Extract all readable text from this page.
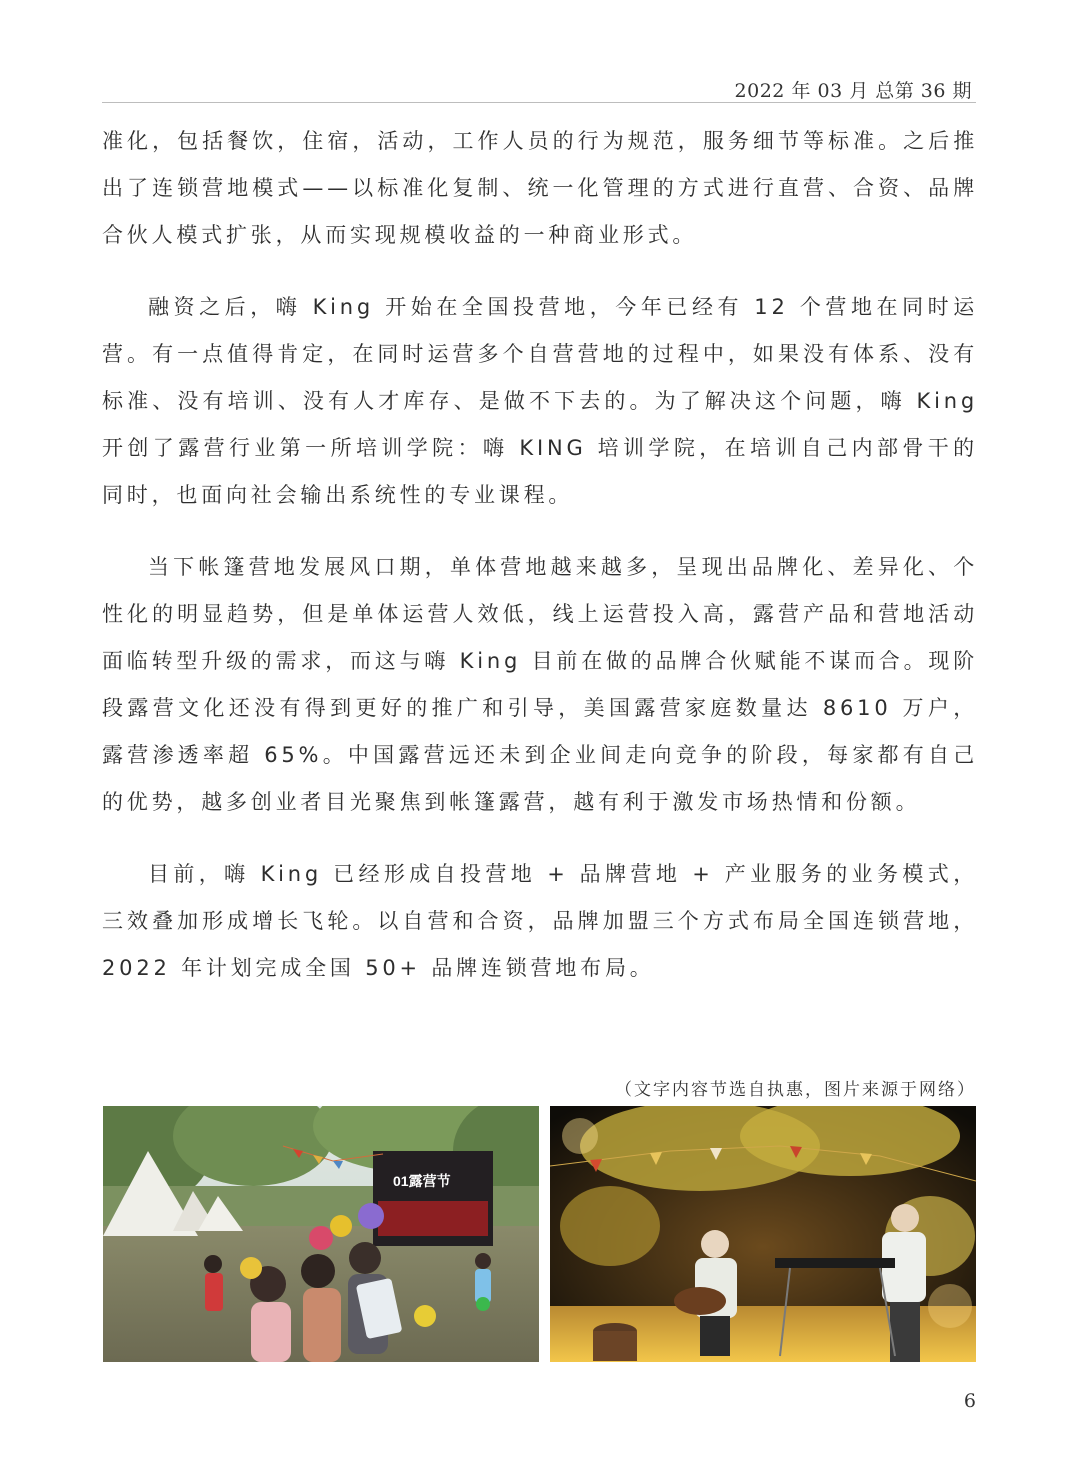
2022 年 03 月 总第 36 期

准化，包括餐饮，住宿，活动，工作人员的行为规范，服务细节等标准。之后推出了连锁营地模式——以标准化复制、统一化管理的方式进行直营、合资、品牌合伙人模式扩张，从而实现规模收益的一种商业形式。

融资之后，嗨 King 开始在全国投营地，今年已经有 12 个营地在同时运营。有一点值得肯定，在同时运营多个自营营地的过程中，如果没有体系、没有标准、没有培训、没有人才库存、是做不下去的。为了解决这个问题，嗨 King 开创了露营行业第一所培训学院：嗨 KING 培训学院，在培训自己内部骨干的同时，也面向社会输出系统性的专业课程。

当下帐篷营地发展风口期，单体营地越来越多，呈现出品牌化、差异化、个性化的明显趋势，但是单体运营人效低，线上运营投入高，露营产品和营地活动面临转型升级的需求，而这与嗨 King 目前在做的品牌合伙赋能不谋而合。现阶段露营文化还没有得到更好的推广和引导，美国露营家庭数量达 8610 万户，露营渗透率超 65%。中国露营远还未到企业间走向竞争的阶段，每家都有自己的优势，越多创业者目光聚焦到帐篷露营，越有利于激发市场热情和份额。

目前，嗨 King 已经形成自投营地 + 品牌营地 + 产业服务的业务模式，三效叠加形成增长飞轮。以自营和合资，品牌加盟三个方式布局全国连锁营地，2022 年计划完成全国 50+ 品牌连锁营地布局。

（文字内容节选自执惠，图片来源于网络）
01露营节
6
